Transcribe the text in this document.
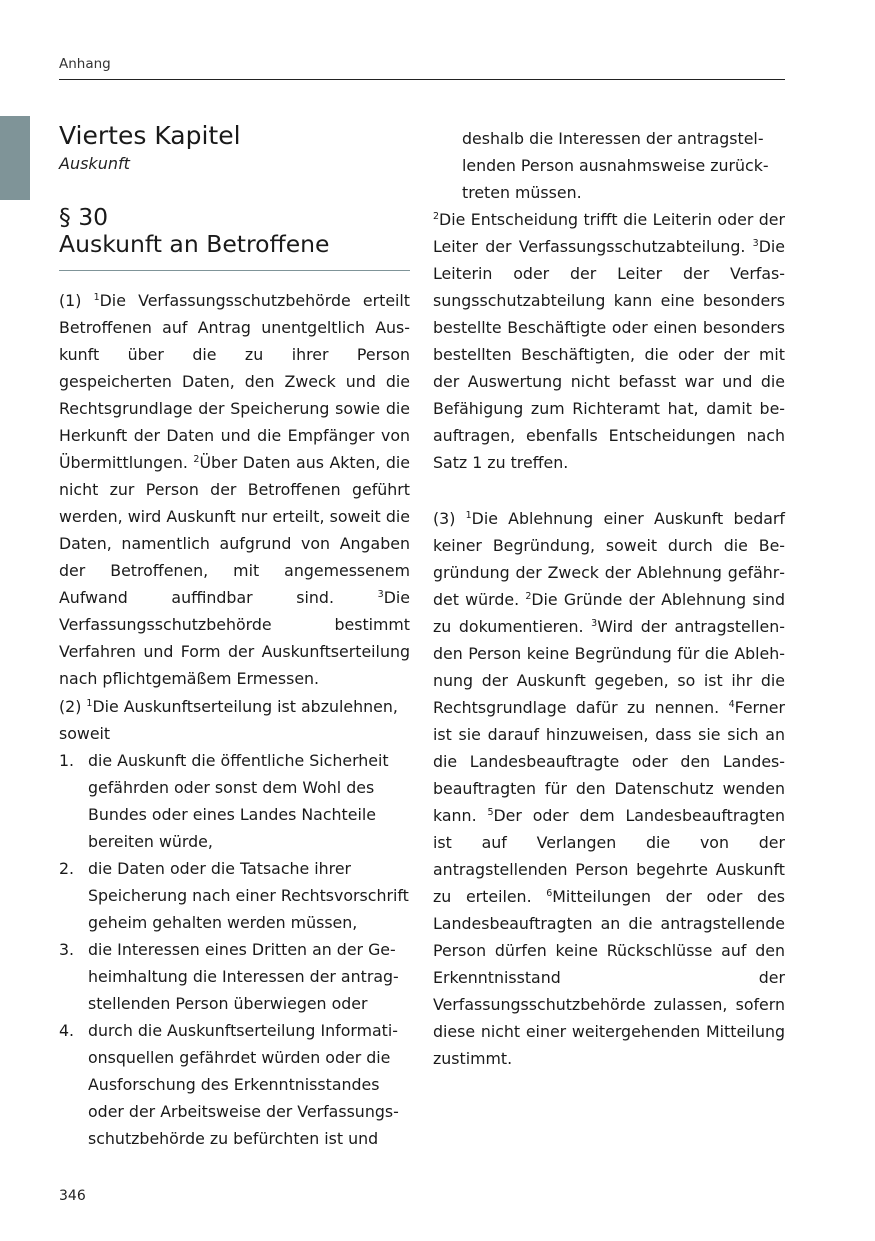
Anhang
Viertes Kapitel
Auskunft
§ 30
Auskunft an Betroffene
(1) $^1$Die Verfassungsschutzbehörde erteilt Betroffenen auf Antrag unentgeltlich Auskunft über die zu ihrer Person gespeicherten Daten, den Zweck und die Rechtsgrundlage der Speicherung sowie die Herkunft der Daten und die Empfänger von Übermittlungen. $^2$Über Daten aus Akten, die nicht zur Person der Betroffenen geführt werden, wird Auskunft nur erteilt, soweit die Daten, namentlich aufgrund von Angaben der Betroffenen, mit angemessenem Aufwand auffindbar sind. $^3$Die Verfassungsschutzbehörde bestimmt Verfahren und Form der Auskunftserteilung nach pflichtgemäßem Ermessen.
(2) $^1$Die Auskunftserteilung ist abzulehnen, soweit
1. die Auskunft die öffentliche Sicherheit gefährden oder sonst dem Wohl des Bundes oder eines Landes Nachteile bereiten würde,
2. die Daten oder die Tatsache ihrer Speicherung nach einer Rechtsvorschrift geheim gehalten werden müssen,
3. die Interessen eines Dritten an der Geheimhaltung die Interessen der antragstellenden Person überwiegen oder
4. durch die Auskunftserteilung Informationsquellen gefährdet würden oder die Ausforschung des Erkenntnisstandes oder der Arbeitsweise der Verfassungsschutzbehörde zu befürchten ist und
deshalb die Interessen der antragstellenden Person ausnahmsweise zurücktreten müssen.
$^2$Die Entscheidung trifft die Leiterin oder der Leiter der Verfassungsschutzabteilung. $^3$Die Leiterin oder der Leiter der Verfassungsschutzabteilung kann eine besonders bestellte Beschäftigte oder einen besonders bestellten Beschäftigten, die oder der mit der Auswertung nicht befasst war und die Befähigung zum Richteramt hat, damit beauftragen, ebenfalls Entscheidungen nach Satz 1 zu treffen.
(3) $^1$Die Ablehnung einer Auskunft bedarf keiner Begründung, soweit durch die Begründung der Zweck der Ablehnung gefährdet würde. $^2$Die Gründe der Ablehnung sind zu dokumentieren. $^3$Wird der antragstellenden Person keine Begründung für die Ablehnung der Auskunft gegeben, so ist ihr die Rechtsgrundlage dafür zu nennen. $^4$Ferner ist sie darauf hinzuweisen, dass sie sich an die Landesbeauftragte oder den Landesbeauftragten für den Datenschutz wenden kann. $^5$Der oder dem Landesbeauftragten ist auf Verlangen die von der antragstellenden Person begehrte Auskunft zu erteilen. $^6$Mitteilungen der oder des Landesbeauftragten an die antragstellende Person dürfen keine Rückschlüsse auf den Erkenntnisstand der Verfassungsschutzbehörde zulassen, sofern diese nicht einer weitergehenden Mitteilung zustimmt.
346
